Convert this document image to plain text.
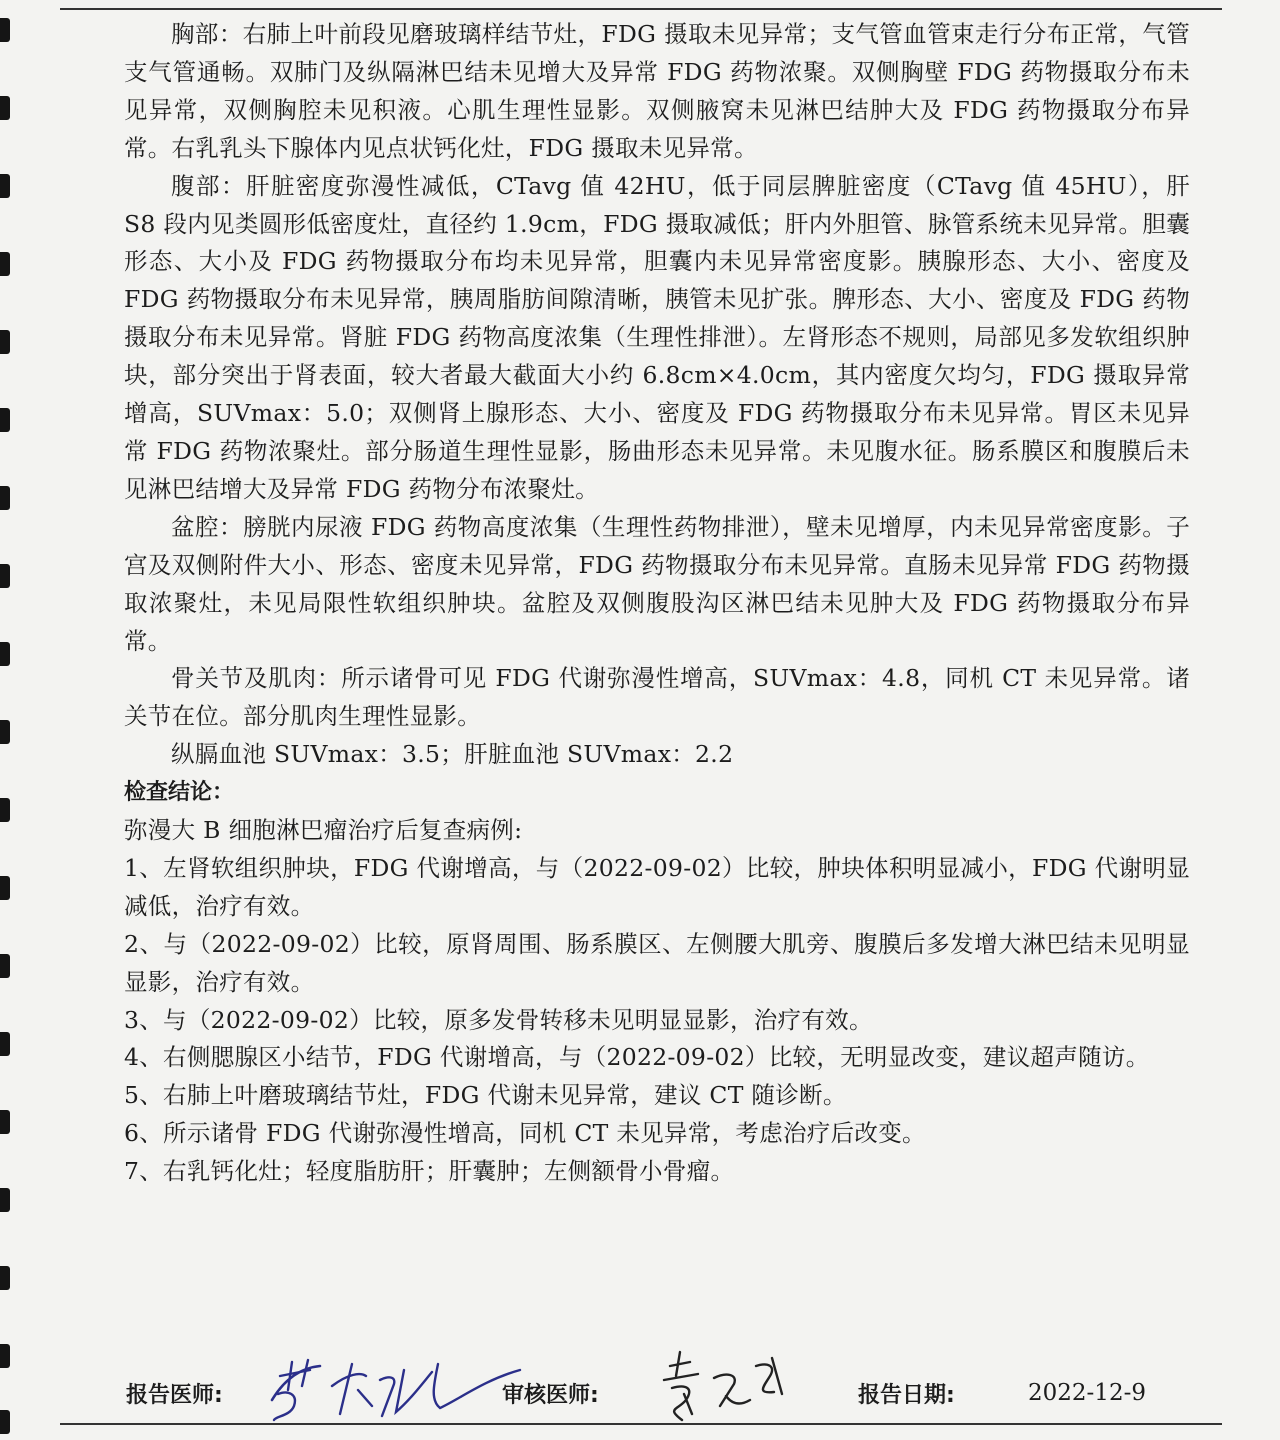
胸部：右肺上叶前段见磨玻璃样结节灶，FDG 摄取未见异常；支气管血管束走行分布正常，气管支气管通畅。双肺门及纵隔淋巴结未见增大及异常 FDG 药物浓聚。双侧胸壁 FDG 药物摄取分布未见异常，双侧胸腔未见积液。心肌生理性显影。双侧腋窝未见淋巴结肿大及 FDG 药物摄取分布异常。右乳乳头下腺体内见点状钙化灶，FDG 摄取未见异常。

腹部：肝脏密度弥漫性减低，CTavg 值 42HU，低于同层脾脏密度（CTavg 值 45HU），肝 S8 段内见类圆形低密度灶，直径约 1.9cm，FDG 摄取减低；肝内外胆管、脉管系统未见异常。胆囊形态、大小及 FDG 药物摄取分布均未见异常，胆囊内未见异常密度影。胰腺形态、大小、密度及 FDG 药物摄取分布未见异常，胰周脂肪间隙清晰，胰管未见扩张。脾形态、大小、密度及 FDG 药物摄取分布未见异常。肾脏 FDG 药物高度浓集（生理性排泄）。左肾形态不规则，局部见多发软组织肿块，部分突出于肾表面，较大者最大截面大小约 6.8cm×4.0cm，其内密度欠均匀，FDG 摄取异常增高，SUVmax：5.0；双侧肾上腺形态、大小、密度及 FDG 药物摄取分布未见异常。胃区未见异常 FDG 药物浓聚灶。部分肠道生理性显影，肠曲形态未见异常。未见腹水征。肠系膜区和腹膜后未见淋巴结增大及异常 FDG 药物分布浓聚灶。

盆腔：膀胱内尿液 FDG 药物高度浓集（生理性药物排泄），壁未见增厚，内未见异常密度影。子宫及双侧附件大小、形态、密度未见异常，FDG 药物摄取分布未见异常。直肠未见异常 FDG 药物摄取浓聚灶，未见局限性软组织肿块。盆腔及双侧腹股沟区淋巴结未见肿大及 FDG 药物摄取分布异常。

骨关节及肌肉：所示诸骨可见 FDG 代谢弥漫性增高，SUVmax：4.8，同机 CT 未见异常。诸关节在位。部分肌肉生理性显影。

纵膈血池 SUVmax：3.5；肝脏血池 SUVmax：2.2

检查结论：

弥漫大 B 细胞淋巴瘤治疗后复查病例:

1、左肾软组织肿块，FDG 代谢增高，与（2022-09-02）比较，肿块体积明显减小，FDG 代谢明显减低，治疗有效。

2、与（2022-09-02）比较，原肾周围、肠系膜区、左侧腰大肌旁、腹膜后多发增大淋巴结未见明显显影，治疗有效。

3、与（2022-09-02）比较，原多发骨转移未见明显显影，治疗有效。

4、右侧腮腺区小结节，FDG 代谢增高，与（2022-09-02）比较，无明显改变，建议超声随访。

5、右肺上叶磨玻璃结节灶，FDG 代谢未见异常，建议 CT 随诊断。

6、所示诸骨 FDG 代谢弥漫性增高，同机 CT 未见异常，考虑治疗后改变。

7、右乳钙化灶；轻度脂肪肝；肝囊肿；左侧额骨小骨瘤。

报告医师:	审核医师:	报告日期:	2022-12-9
